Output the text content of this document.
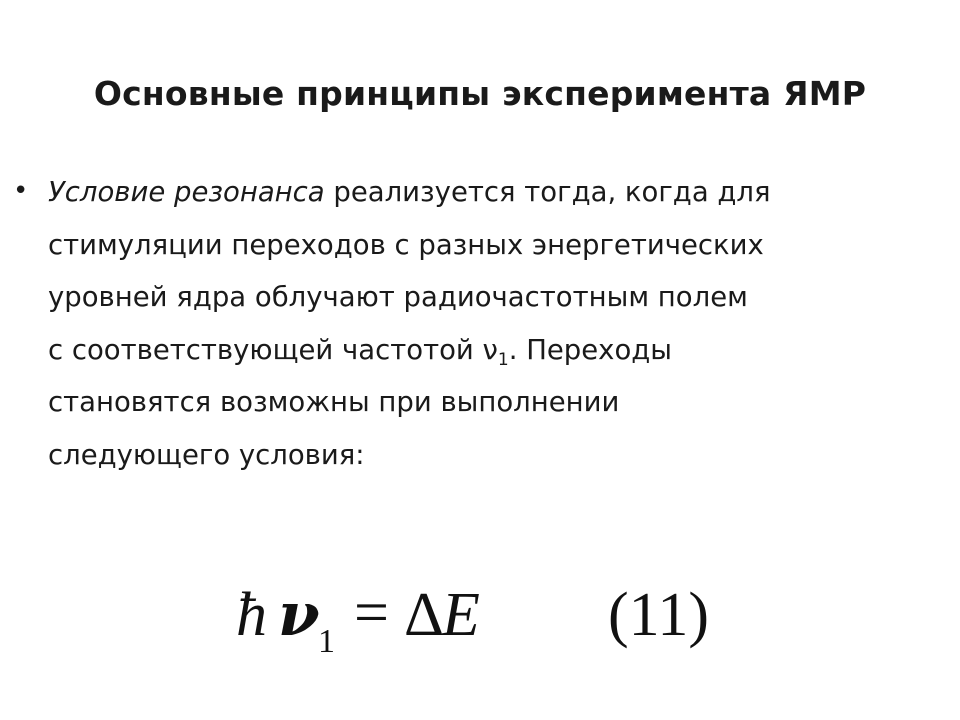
Основные принципы эксперимента ЯМР
• Условие резонанса реализуется тогда, когда для
стимуляции переходов с разных энергетических
уровней ядра облучают радиочастотным полем
с соответствующей частотой $\nu_1$. Переходы
становятся возможны при выполнении
следующего условия:
ħ ν
1 = Δ
E (11)
